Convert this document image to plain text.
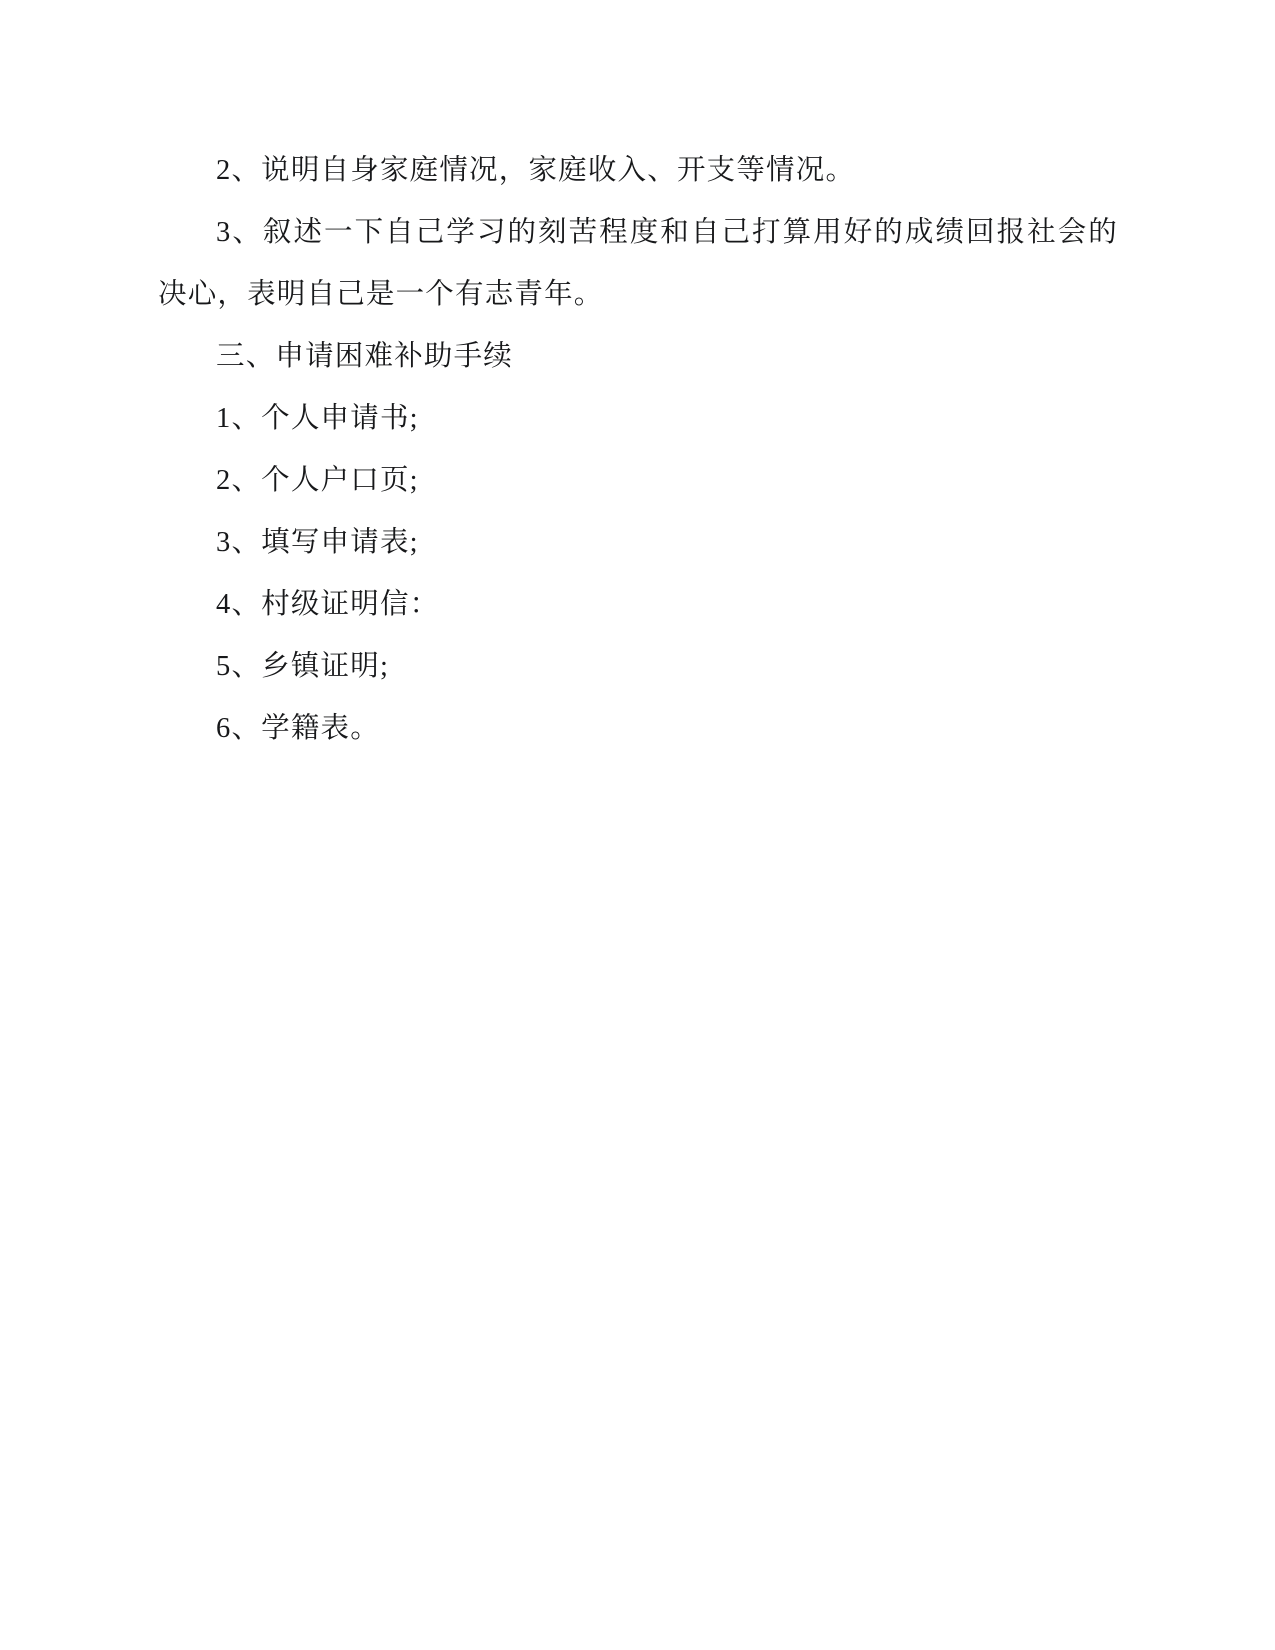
2、说明自身家庭情况，家庭收入、开支等情况。

3、叙述一下自己学习的刻苦程度和自己打算用好的成绩回报社会的决心，表明自己是一个有志青年。

三、申请困难补助手续

1、个人申请书;

2、个人户口页;

3、填写申请表;

4、村级证明信：

5、乡镇证明;

6、学籍表。
